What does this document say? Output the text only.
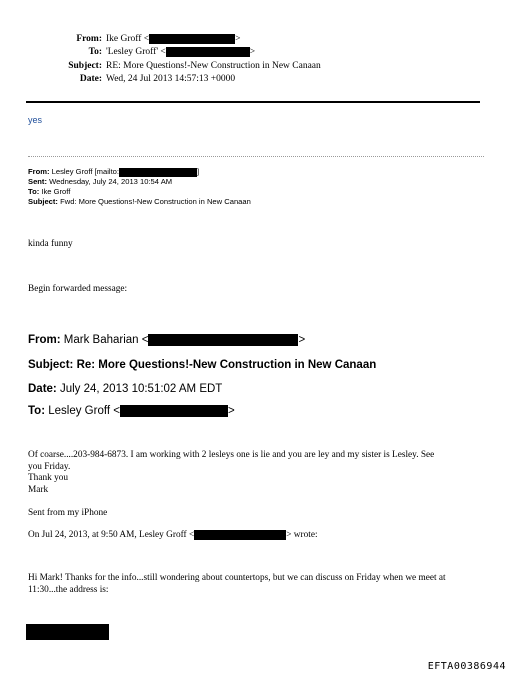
From: Ike Groff <	>
To: 'Lesley Groff' <	>
Subject: RE: More Questions!-New Construction in New Canaan
Date: Wed, 24 Jul 2013 14:57:13 +0000
yes
From: Lesley Groff [mailto:	]
Sent: Wednesday, July 24, 2013 10:54 AM
To: Ike Groff
Subject: Fwd: More Questions!-New Construction in New Canaan
kinda funny
Begin forwarded message:
From: Mark Baharian <	>
Subject: Re: More Questions!-New Construction in New Canaan
Date: July 24, 2013 10:51:02 AM EDT
To: Lesley Groff <	>
Of coarse....203-984-6873. I am working with 2 lesleys one is lie and you are ley and my sister is Lesley. See
you Friday.
Thank you
Mark
Sent from my iPhone
On Jul 24, 2013, at 9:50 AM, Lesley Groff <	> wrote:
Hi Mark! Thanks for the info...still wondering about countertops, but we can discuss on Friday when we meet at
11:30...the address is:
EFTA00386944
